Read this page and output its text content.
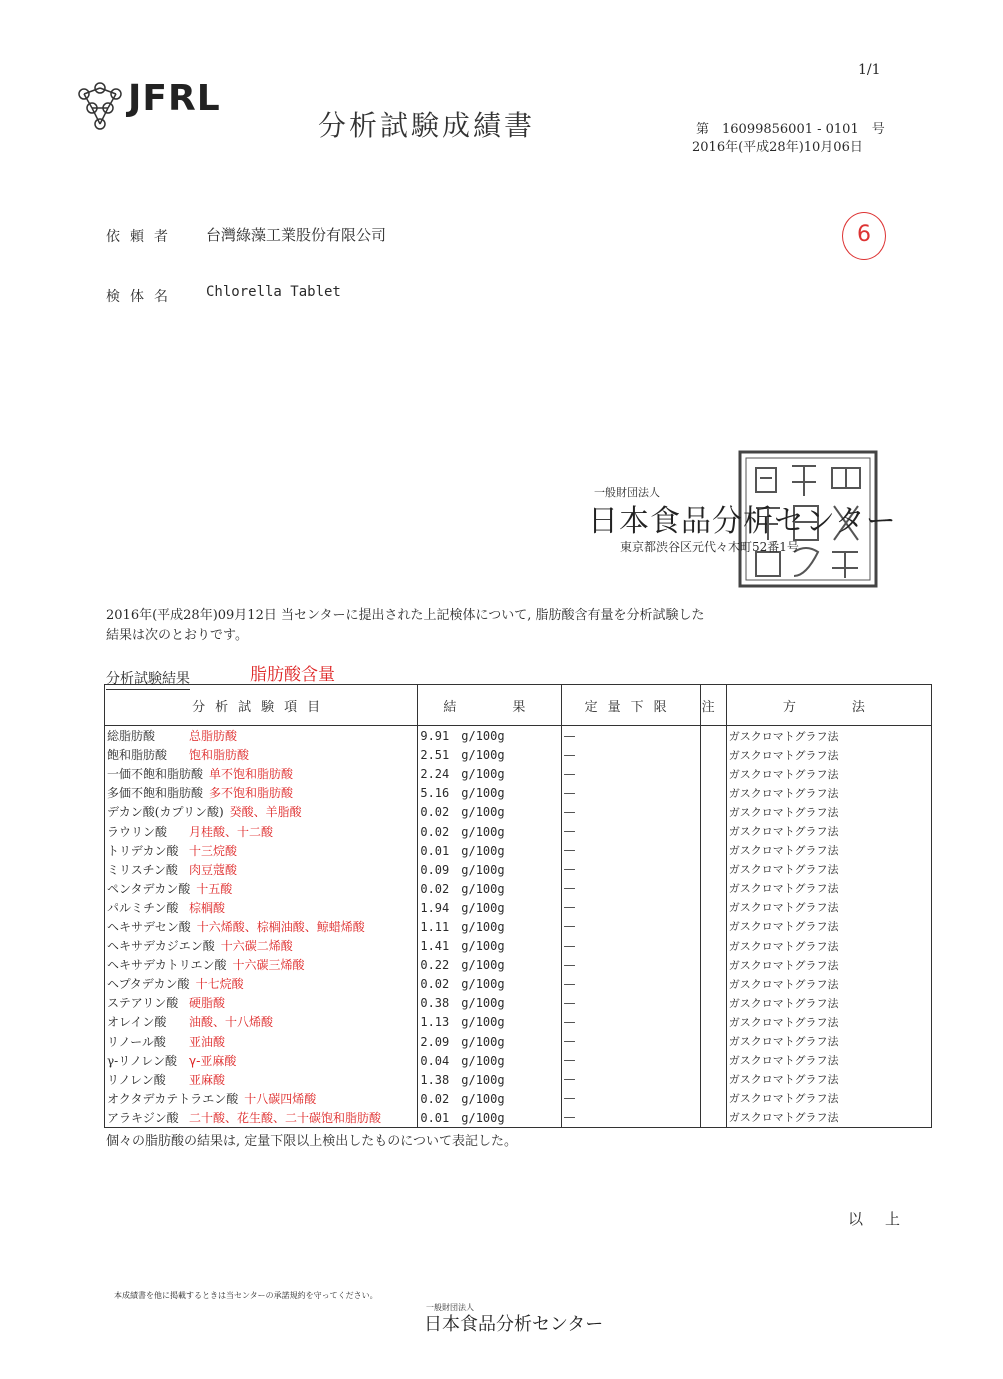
1/1
JFRL
分析試験成績書	第　16099856001 - 0101　号
2016年(平成28年)10月06日
依頼者 台灣綠藻工業股份有限公司
検体名 Chlorella Tablet
6
一般財団法人
日本食品分析センター
東京都渋谷区元代々木町52番1号
2016年(平成28年)09月12日 当センターに提出された上記検体について, 脂肪酸含有量を分析試験した
結果は次のとおりです。
分析試験結果	脂肪酸含量
分析試験項目	結　　果	定量下限	注	方　　法
総脂肪酸 总脂肪酸	9.91　g/100g	—		ガスクロマトグラフ法
飽和脂肪酸 饱和脂肪酸	2.51　g/100g	—		ガスクロマトグラフ法
一価不飽和脂肪酸 单不饱和脂肪酸	2.24　g/100g	—		ガスクロマトグラフ法
多価不飽和脂肪酸 多不饱和脂肪酸	5.16　g/100g	—		ガスクロマトグラフ法
デカン酸(カプリン酸) 癸酸、羊脂酸	0.02　g/100g	—		ガスクロマトグラフ法
ラウリン酸 月桂酸、十二酸	0.02　g/100g	—		ガスクロマトグラフ法
トリデカン酸 十三烷酸	0.01　g/100g	—		ガスクロマトグラフ法
ミリスチン酸 肉豆蔻酸	0.09　g/100g	—		ガスクロマトグラフ法
ペンタデカン酸 十五酸	0.02　g/100g	—		ガスクロマトグラフ法
パルミチン酸 棕榈酸	1.94　g/100g	—		ガスクロマトグラフ法
ヘキサデセン酸 十六烯酸、棕榈油酸、鲸蜡烯酸	1.11　g/100g	—		ガスクロマトグラフ法
ヘキサデカジエン酸 十六碳二烯酸	1.41　g/100g	—		ガスクロマトグラフ法
ヘキサデカトリエン酸 十六碳三烯酸	0.22　g/100g	—		ガスクロマトグラフ法
ヘプタデカン酸 十七烷酸	0.02　g/100g	—		ガスクロマトグラフ法
ステアリン酸 硬脂酸	0.38　g/100g	—		ガスクロマトグラフ法
オレイン酸 油酸、十八烯酸	1.13　g/100g	—		ガスクロマトグラフ法
リノール酸 亚油酸	2.09　g/100g	—		ガスクロマトグラフ法
γ-リノレン酸 γ-亚麻酸	0.04　g/100g	—		ガスクロマトグラフ法
リノレン酸 亚麻酸	1.38　g/100g	—		ガスクロマトグラフ法
オクタデカテトラエン酸 十八碳四烯酸	0.02　g/100g	—		ガスクロマトグラフ法
アラキジン酸 二十酸、花生酸、二十碳饱和脂肪酸	0.01　g/100g	—		ガスクロマトグラフ法
個々の脂肪酸の結果は, 定量下限以上検出したものについて表記した。
以上
本成績書を他に掲載するときは当センターの承諾規約を守ってください。
一般財団法人
日本食品分析センター
